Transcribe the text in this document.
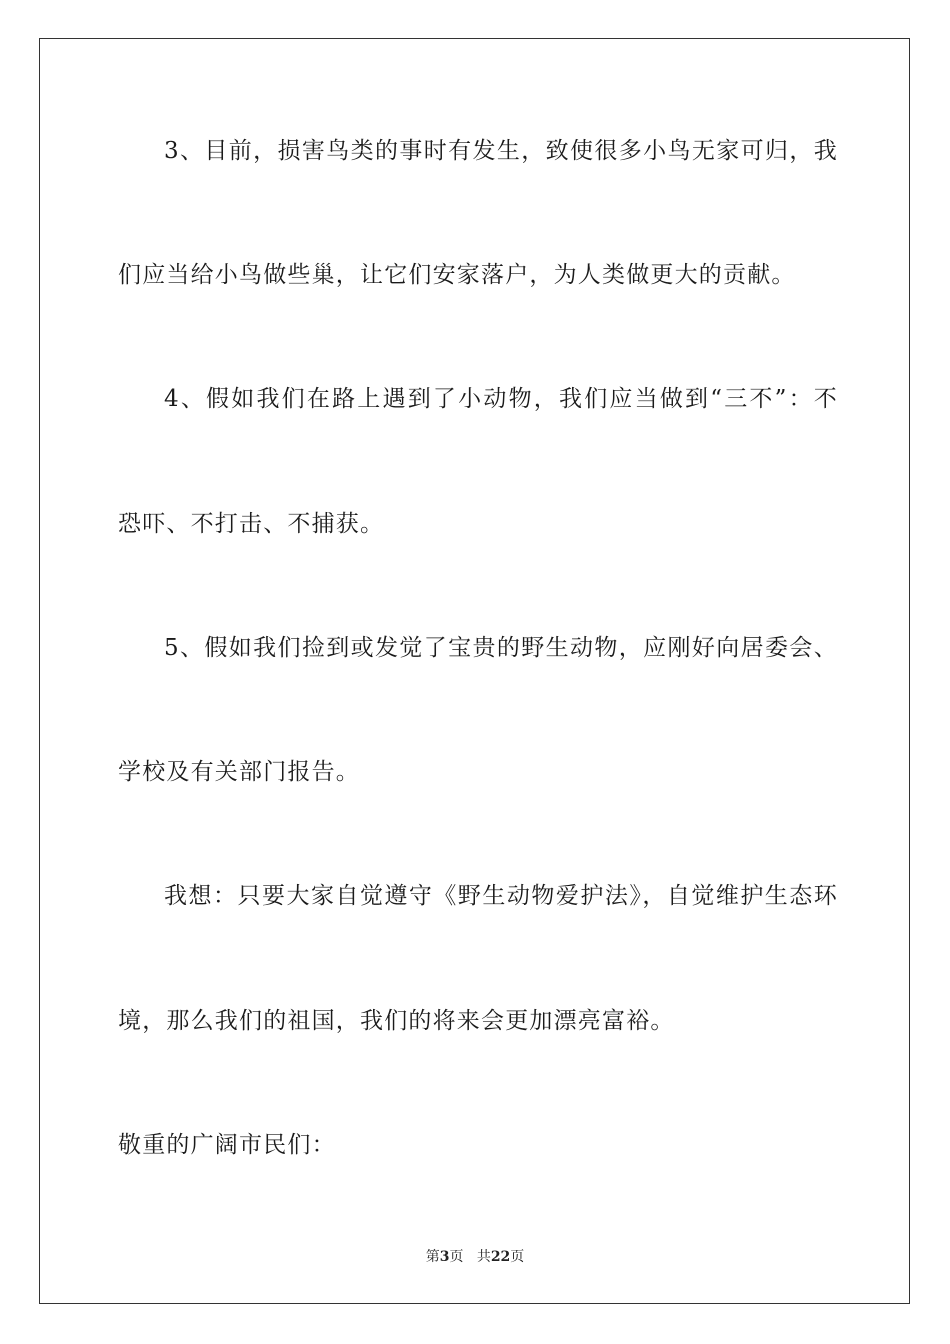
3、目前，损害鸟类的事时有发生，致使很多小鸟无家可归，我
们应当给小鸟做些巢，让它们安家落户，为人类做更大的贡献。
4、假如我们在路上遇到了小动物，我们应当做到“三不”：不
恐吓、不打击、不捕获。
5、假如我们捡到或发觉了宝贵的野生动物，应刚好向居委会、
学校及有关部门报告。
我想：只要大家自觉遵守《野生动物爱护法》，自觉维护生态环
境，那么我们的祖国，我们的将来会更加漂亮富裕。
敬重的广阔市民们：
第3页 共22页
